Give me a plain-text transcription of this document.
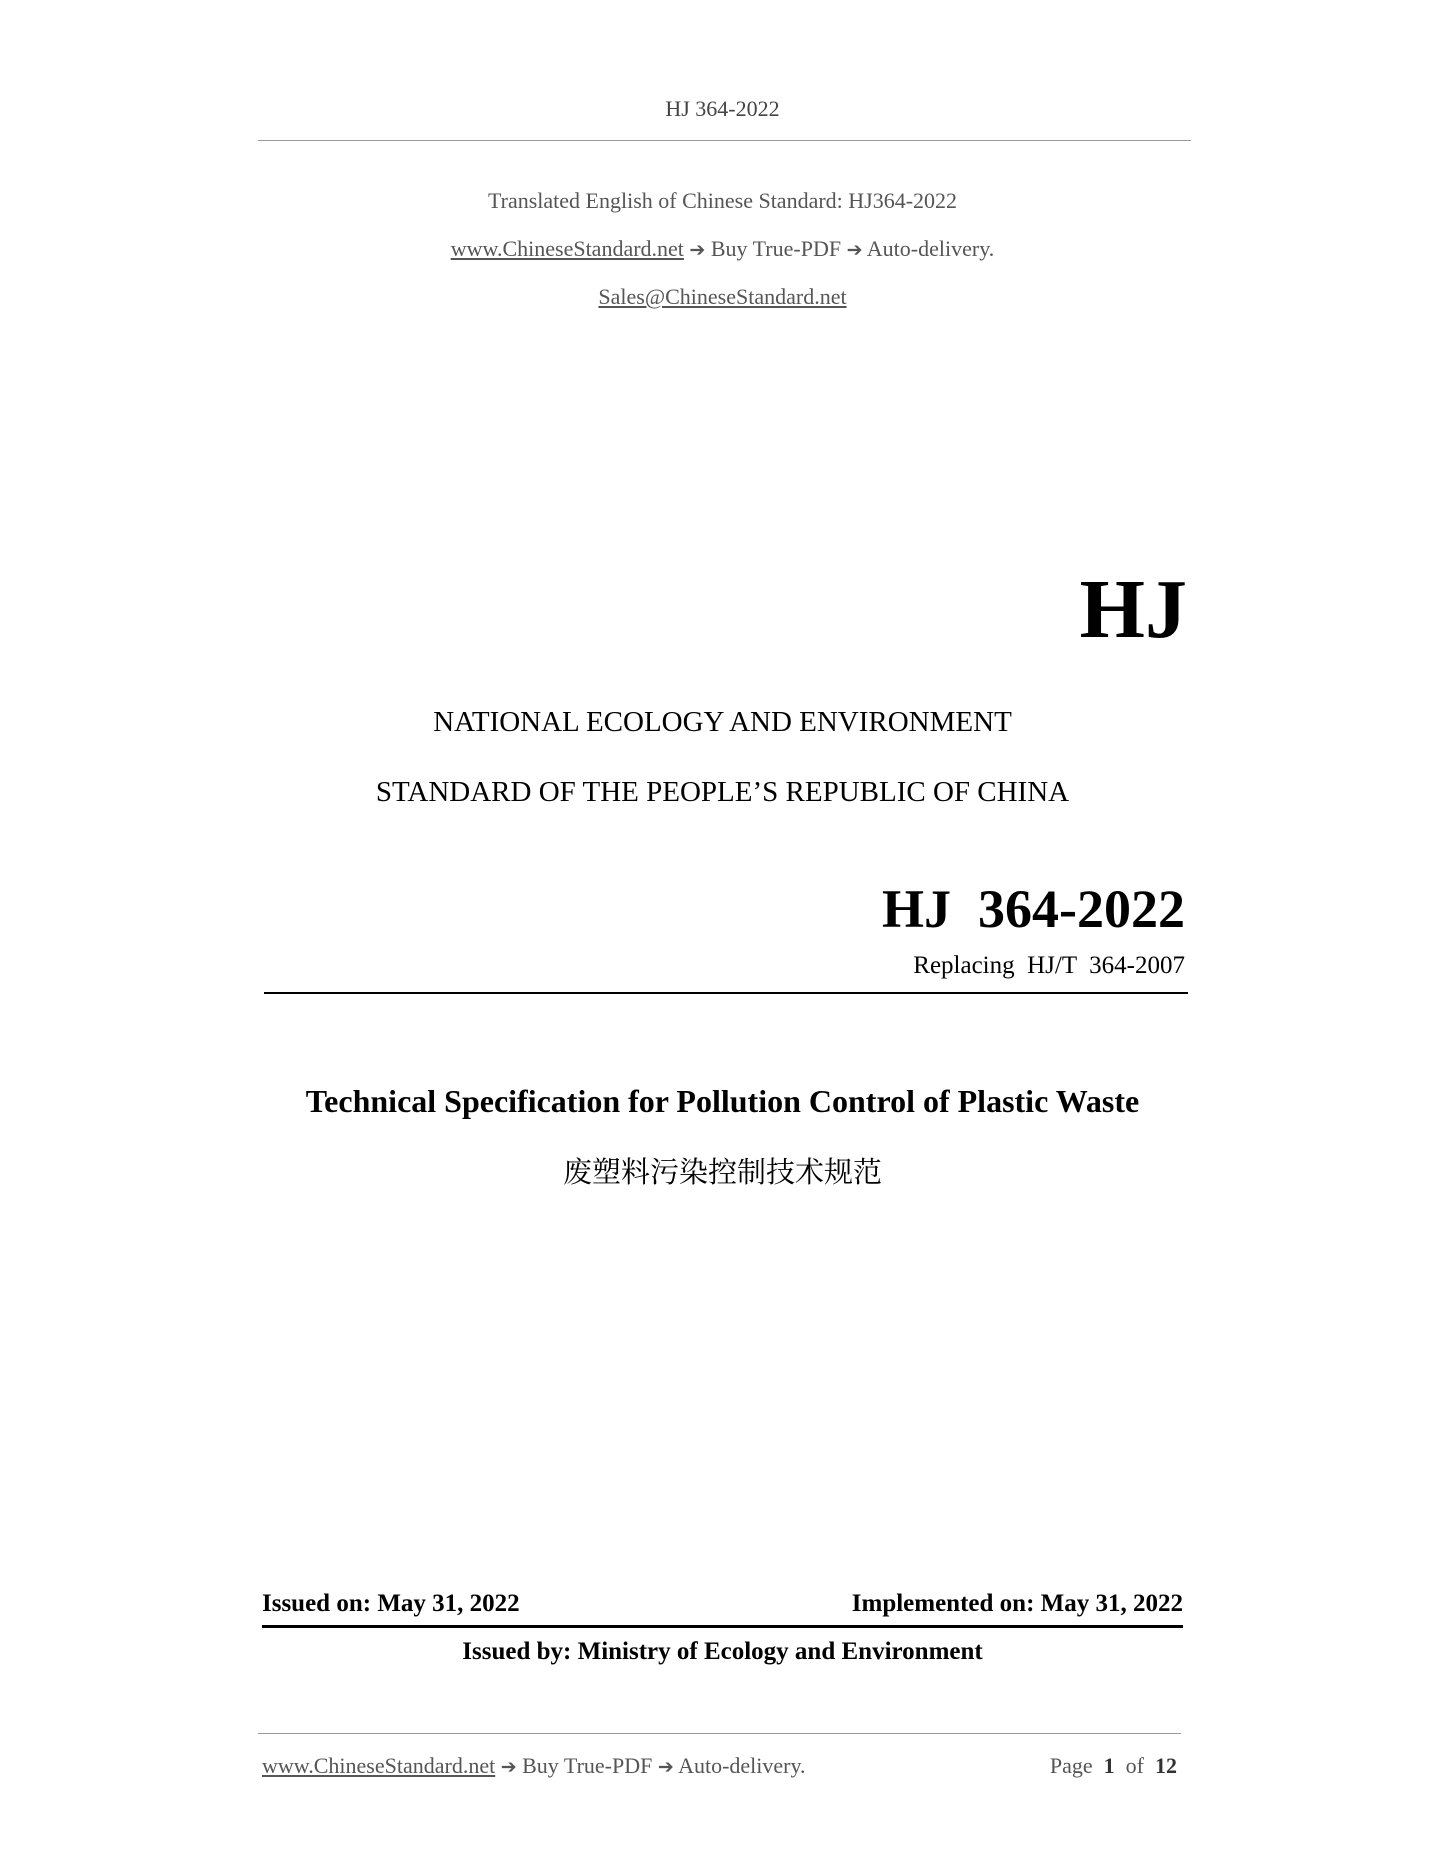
HJ 364-2022
Translated English of Chinese Standard: HJ364-2022
www.ChineseStandard.net ➔ Buy True-PDF ➔ Auto-delivery.
Sales@ChineseStandard.net
HJ
NATIONAL ECOLOGY AND ENVIRONMENT
STANDARD OF THE PEOPLE’S REPUBLIC OF CHINA
HJ  364-2022
Replacing  HJ/T  364-2007
Technical Specification for Pollution Control of Plastic Waste
废塑料污染控制技术规范
Issued on: May 31, 2022	Implemented on: May 31, 2022
Issued by: Ministry of Ecology and Environment
www.ChineseStandard.net ➔ Buy True-PDF ➔ Auto-delivery.	Page 1 of 12
